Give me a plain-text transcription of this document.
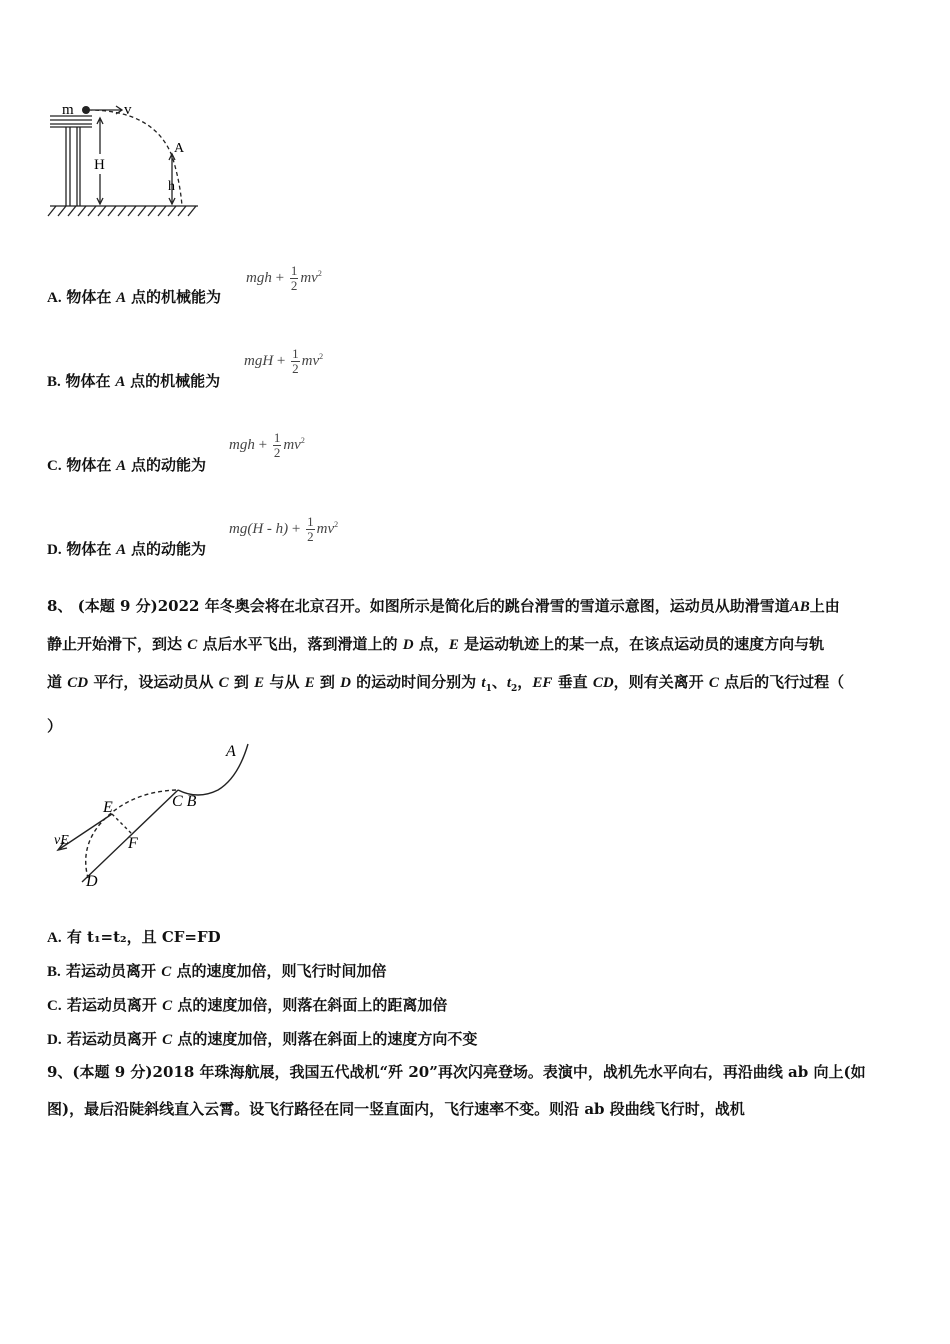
m	v
H
A
h
A. 物体在 A 点的机械能为
mgh + $\frac{1}{2} mv^2$
B. 物体在 A 点的机械能为
mgH + $\frac{1}{2} mv^2$
C. 物体在 A 点的动能为
mgh + $\frac{1}{2} mv^2$
D. 物体在 A 点的动能为
$mg(H - h) + \frac{1}{2} mv^2$
8、 (本题 9 分)2022 年冬奥会将在北京召开。如图所示是简化后的跳台滑雪的雪道示意图，运动员从助滑雪道AB上由
静止开始滑下，到达 C 点后水平飞出，落到滑道上的 D 点，E 是运动轨迹上的某一点，在该点运动员的速度方向与轨
道 CD 平行，设运动员从 C 到 E 与从 E 到 D 的运动时间分别为 $t_1$、$t_2$，EF 垂直 CD，则有关离开 C 点后的飞行过程（
）
A
C B
E
F
vE
D
A. 有 t₁=t₂，且 CF=FD
B. 若运动员离开 C 点的速度加倍，则飞行时间加倍
C. 若运动员离开 C 点的速度加倍，则落在斜面上的距离加倍
D. 若运动员离开 C 点的速度加倍，则落在斜面上的速度方向不变
9、(本题 9 分)2018 年珠海航展，我国五代战机“歼 20”再次闪亮登场。表演中，战机先水平向右，再沿曲线 ab 向上(如
图)，最后沿陡斜线直入云霄。设飞行路径在同一竖直面内，飞行速率不变。则沿 ab 段曲线飞行时，战机
